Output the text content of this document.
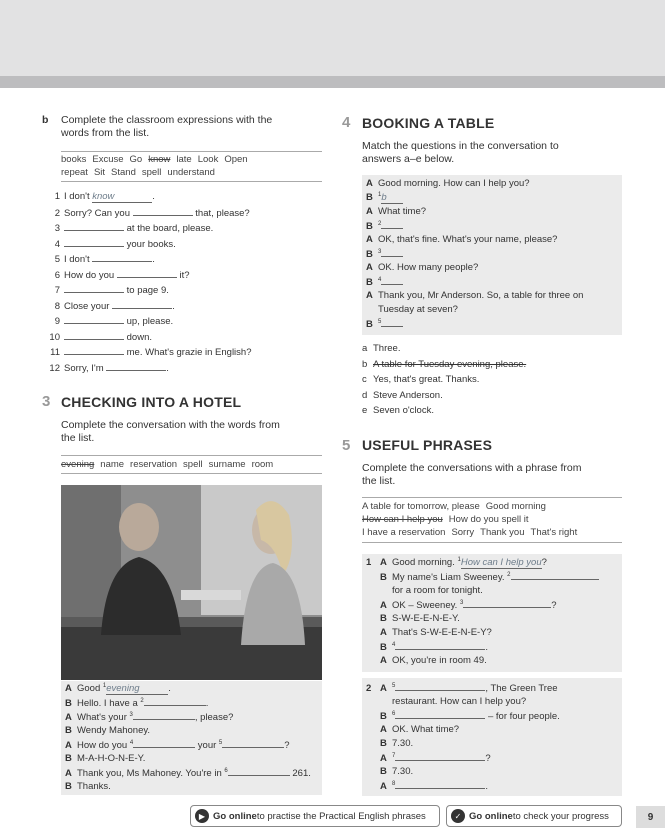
b Complete the classroom expressions with the
words from the list.
books Excuse Go know late Look Open
repeat Sit Stand spell understand
1 I don't know	.
2 Sorry? Can you	that, please?
3	at the board, please.
4	your books.
5 I don't	.
6 How do you	it?
7	to page 9.
8 Close your	.
9	up, please.
10	down.
11	me. What's grazie in English?
12 Sorry, I'm	.
3 CHECKING INTO A HOTEL
Complete the conversation with the words from
the list.
evening name reservation spell surname room
A Good $^1$evening	.
B Hello. I have a $^2$	.
A What's your $^3$	, please?
B Wendy Mahoney.
A How do you $^4$	your $^5$	?
B M-A-H-O-N-E-Y.
A Thank you, Ms Mahoney. You're in $^6$	261.
B Thanks.
4 BOOKING A TABLE
Match the questions in the conversation to
answers a–e below.
A Good morning. How can I help you?
B $^1$b
A What time?
B $^2$
A OK, that's fine. What's your name, please?
B $^3$
A OK. How many people?
B $^4$
A Thank you, Mr Anderson. So, a table for three on
Tuesday at seven?
B $^5$
a Three.
b A table for Tuesday evening, please.
c Yes, that's great. Thanks.
d Steve Anderson.
e Seven o'clock.
5 USEFUL PHRASES
Complete the conversations with a phrase from
the list.
A table for tomorrow, please Good morning
How can I help you How do you spell it
I have a reservation Sorry Thank you That's right
1 A Good morning. $^1$How can I help you?
B My name's Liam Sweeney. $^2$
for a room for tonight.
A OK – Sweeney. $^3$	?
B S-W-E-E-N-E-Y.
A That's S-W-E-E-N-E-Y?
B $^4$	.
A OK, you're in room 49.
2 A $^5$	, The Green Tree
restaurant. How can I help you?
B $^6$	– for four people.
A OK. What time?
B 7.30.
A $^7$	?
B 7.30.
A $^8$	.
▶ Go online to practise the Practical English phrases	✓ Go online to check your progress	9
